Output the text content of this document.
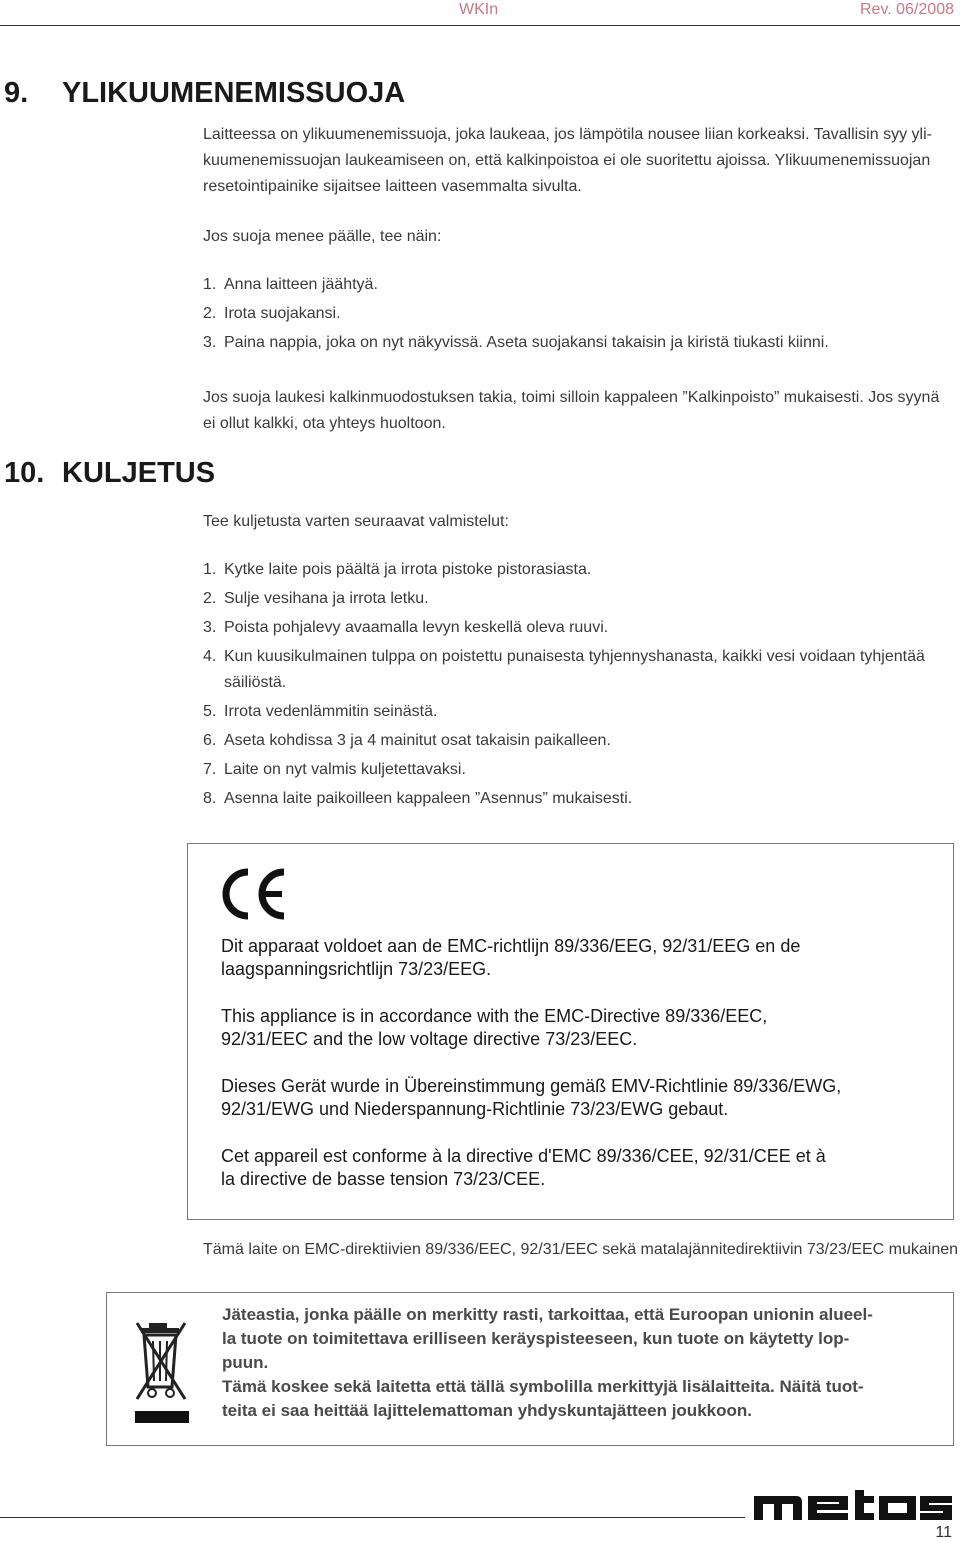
WKIn	Rev. 06/2008
9. YLIKUUMENEMISSUOJA

Laitteessa on ylikuumenemissuoja, joka laukeaa, jos lämpötila nousee liian korkeaksi. Tavallisin syy yli-

kuumenemissuojan laukeamiseen on, että kalkinpoistoa ei ole suoritettu ajoissa. Ylikuumenemissuojan

resetointipainike sijaitsee laitteen vasemmalta sivulta.

Jos suoja menee päälle, tee näin:

1. Anna laitteen jäähtyä.
2. Irota suojakansi.
3. Paina nappia, joka on nyt näkyvissä. Aseta suojakansi takaisin ja kiristä tiukasti kiinni.

Jos suoja laukesi kalkinmuodostuksen takia, toimi silloin kappaleen ”Kalkinpoisto” mukaisesti. Jos syynä

ei ollut kalkki, ota yhteys huoltoon.

10. KULJETUS

Tee kuljetusta varten seuraavat valmistelut:

1. Kytke laite pois päältä ja irrota pistoke pistorasiasta.
2. Sulje vesihana ja irrota letku.
3. Poista pohjalevy avaamalla levyn keskellä oleva ruuvi.
4. Kun kuusikulmainen tulppa on poistettu punaisesta tyhjennyshanasta, kaikki vesi voidaan tyhjentää säiliöstä.
5. Irrota vedenlämmitin seinästä.
6. Aseta kohdissa 3 ja 4 mainitut osat takaisin paikalleen.
7. Laite on nyt valmis kuljetettavaksi.
8. Asenna laite paikoilleen kappaleen ”Asennus” mukaisesti.
Dit apparaat voldoet aan de EMC-richtlijn 89/336/EEG, 92/31/EEG en de
laagspanningsrichtlijn 73/23/EEG.
This appliance is in accordance with the EMC-Directive 89/336/EEC,
92/31/EEC and the low voltage directive 73/23/EEC.
Dieses Gerät wurde in Übereinstimmung gemäß EMV-Richtlinie 89/336/EWG,
92/31/EWG und Niederspannung-Richtlinie 73/23/EWG gebaut.
Cet appareil est conforme à la directive d'EMC 89/336/CEE, 92/31/CEE et à
la directive de basse tension 73/23/CEE.
Tämä laite on EMC-direktiivien 89/336/EEC, 92/31/EEC sekä matalajännitedirektiivin 73/23/EEC mukainen

Jäteastia, jonka päälle on merkitty rasti, tarkoittaa, että Euroopan unionin alueel-

la tuote on toimitettava erilliseen keräyspisteeseen, kun tuote on käytetty lop-

puun.

Tämä koskee sekä laitetta että tällä symbolilla merkittyjä lisälaitteita. Näitä tuot-

teita ei saa heittää lajittelemattoman yhdyskuntajätteen joukkoon.

11
